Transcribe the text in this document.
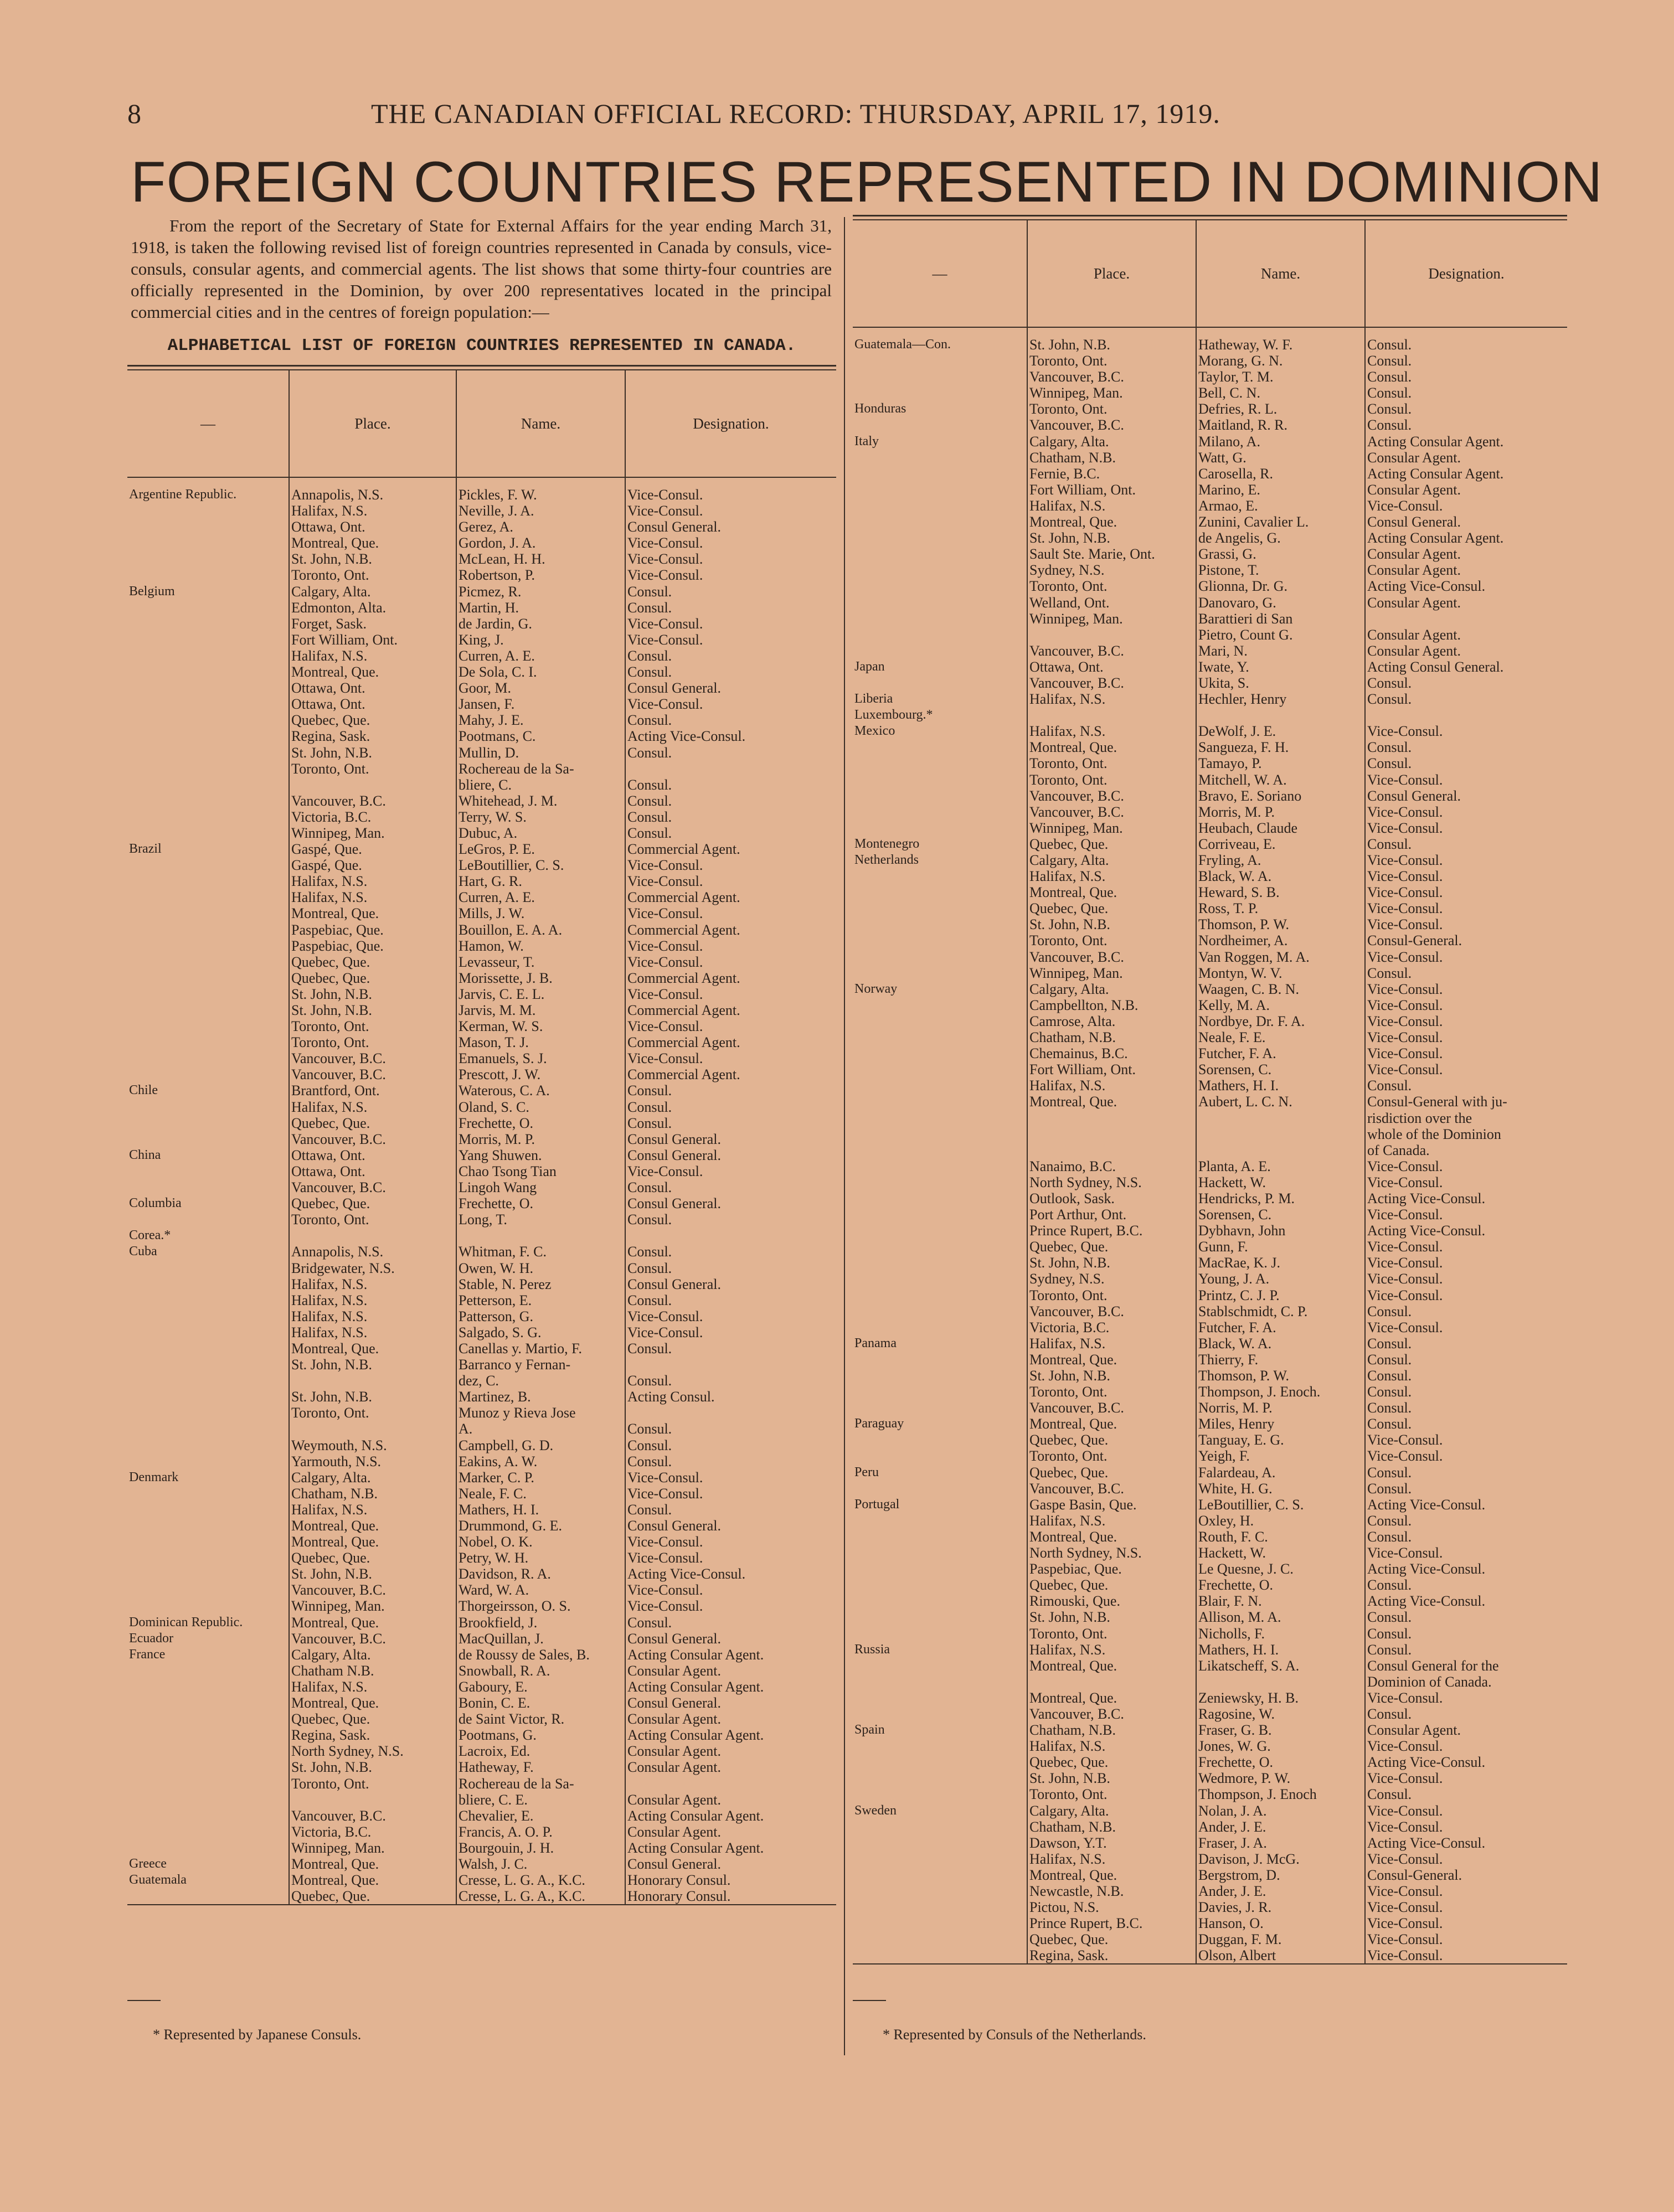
8	THE CANADIAN OFFICIAL RECORD: THURSDAY, APRIL 17, 1919.
FOREIGN COUNTRIES REPRESENTED IN DOMINION

From the report of the Secretary of State for External Affairs for the year ending March 31, 1918, is taken the following revised list of foreign countries represented in Canada by consuls, vice-consuls, consular agents, and commercial agents. The list shows that some thirty-four countries are officially represented in the Dominion, by over 200 representatives located in the principal commercial cities and in the centres of foreign population:—

ALPHABETICAL LIST OF FOREIGN COUNTRIES REPRESENTED IN CANADA.
—	Place.	Name.	Designation.
Argentine Republic.	Annapolis, N.S.	Pickles, F. W.	Vice-Consul.
	Halifax, N.S.	Neville, J. A.	Vice-Consul.
	Ottawa, Ont.	Gerez, A.	Consul General.
	Montreal, Que.	Gordon, J. A.	Vice-Consul.
	St. John, N.B.	McLean, H. H.	Vice-Consul.
	Toronto, Ont.	Robertson, P.	Vice-Consul.
Belgium	Calgary, Alta.	Picmez, R.	Consul.
	Edmonton, Alta.	Martin, H.	Consul.
	Forget, Sask.	de Jardin, G.	Vice-Consul.
	Fort William, Ont.	King, J.	Vice-Consul.
	Halifax, N.S.	Curren, A. E.	Consul.
	Montreal, Que.	De Sola, C. I.	Consul.
	Ottawa, Ont.	Goor, M.	Consul General.
	Ottawa, Ont.	Jansen, F.	Vice-Consul.
	Quebec, Que.	Mahy, J. E.	Consul.
	Regina, Sask.	Pootmans, C.	Acting Vice-Consul.
	St. John, N.B.	Mullin, D.	Consul.
	Toronto, Ont.	Rochereau de la Sa-	
		bliere, C.	Consul.
	Vancouver, B.C.	Whitehead, J. M.	Consul.
	Victoria, B.C.	Terry, W. S.	Consul.
	Winnipeg, Man.	Dubuc, A.	Consul.
Brazil	Gaspé, Que.	LeGros, P. E.	Commercial Agent.
	Gaspé, Que.	LeBoutillier, C. S.	Vice-Consul.
	Halifax, N.S.	Hart, G. R.	Vice-Consul.
	Halifax, N.S.	Curren, A. E.	Commercial Agent.
	Montreal, Que.	Mills, J. W.	Vice-Consul.
	Paspebiac, Que.	Bouillon, E. A. A.	Commercial Agent.
	Paspebiac, Que.	Hamon, W.	Vice-Consul.
	Quebec, Que.	Levasseur, T.	Vice-Consul.
	Quebec, Que.	Morissette, J. B.	Commercial Agent.
	St. John, N.B.	Jarvis, C. E. L.	Vice-Consul.
	St. John, N.B.	Jarvis, M. M.	Commercial Agent.
	Toronto, Ont.	Kerman, W. S.	Vice-Consul.
	Toronto, Ont.	Mason, T. J.	Commercial Agent.
	Vancouver, B.C.	Emanuels, S. J.	Vice-Consul.
	Vancouver, B.C.	Prescott, J. W.	Commercial Agent.
Chile	Brantford, Ont.	Waterous, C. A.	Consul.
	Halifax, N.S.	Oland, S. C.	Consul.
	Quebec, Que.	Frechette, O.	Consul.
	Vancouver, B.C.	Morris, M. P.	Consul General.
China	Ottawa, Ont.	Yang Shuwen.	Consul General.
	Ottawa, Ont.	Chao Tsong Tian	Vice-Consul.
	Vancouver, B.C.	Lingoh Wang	Consul.
Columbia	Quebec, Que.	Frechette, O.	Consul General.
	Toronto, Ont.	Long, T.	Consul.
Corea.*			
Cuba	Annapolis, N.S.	Whitman, F. C.	Consul.
	Bridgewater, N.S.	Owen, W. H.	Consul.
	Halifax, N.S.	Stable, N. Perez	Consul General.
	Halifax, N.S.	Petterson, E.	Consul.
	Halifax, N.S.	Patterson, G.	Vice-Consul.
	Halifax, N.S.	Salgado, S. G.	Vice-Consul.
	Montreal, Que.	Canellas y. Martio, F.	Consul.
	St. John, N.B.	Barranco y Fernan-	
		dez, C.	Consul.
	St. John, N.B.	Martinez, B.	Acting Consul.
	Toronto, Ont.	Munoz y Rieva Jose	
		A.	Consul.
	Weymouth, N.S.	Campbell, G. D.	Consul.
	Yarmouth, N.S.	Eakins, A. W.	Consul.
Denmark	Calgary, Alta.	Marker, C. P.	Vice-Consul.
	Chatham, N.B.	Neale, F. C.	Vice-Consul.
	Halifax, N.S.	Mathers, H. I.	Consul.
	Montreal, Que.	Drummond, G. E.	Consul General.
	Montreal, Que.	Nobel, O. K.	Vice-Consul.
	Quebec, Que.	Petry, W. H.	Vice-Consul.
	St. John, N.B.	Davidson, R. A.	Acting Vice-Consul.
	Vancouver, B.C.	Ward, W. A.	Vice-Consul.
	Winnipeg, Man.	Thorgeirsson, O. S.	Vice-Consul.
Dominican Republic.	Montreal, Que.	Brookfield, J.	Consul.
Ecuador	Vancouver, B.C.	MacQuillan, J.	Consul General.
France	Calgary, Alta.	de Roussy de Sales, B.	Acting Consular Agent.
	Chatham N.B.	Snowball, R. A.	Consular Agent.
	Halifax, N.S.	Gaboury, E.	Acting Consular Agent.
	Montreal, Que.	Bonin, C. E.	Consul General.
	Quebec, Que.	de Saint Victor, R.	Consular Agent.
	Regina, Sask.	Pootmans, G.	Acting Consular Agent.
	North Sydney, N.S.	Lacroix, Ed.	Consular Agent.
	St. John, N.B.	Hatheway, F.	Consular Agent.
	Toronto, Ont.	Rochereau de la Sa-	
		bliere, C. E.	Consular Agent.
	Vancouver, B.C.	Chevalier, E.	Acting Consular Agent.
	Victoria, B.C.	Francis, A. O. P.	Consular Agent.
	Winnipeg, Man.	Bourgouin, J. H.	Acting Consular Agent.
Greece	Montreal, Que.	Walsh, J. C.	Consul General.
Guatemala	Montreal, Que.	Cresse, L. G. A., K.C.	Honorary Consul.
	Quebec, Que.	Cresse, L. G. A., K.C.	Honorary Consul.
—	Place.	Name.	Designation.
Guatemala—Con.	St. John, N.B.	Hatheway, W. F.	Consul.
	Toronto, Ont.	Morang, G. N.	Consul.
	Vancouver, B.C.	Taylor, T. M.	Consul.
	Winnipeg, Man.	Bell, C. N.	Consul.
Honduras	Toronto, Ont.	Defries, R. L.	Consul.
	Vancouver, B.C.	Maitland, R. R.	Consul.
Italy	Calgary, Alta.	Milano, A.	Acting Consular Agent.
	Chatham, N.B.	Watt, G.	Consular Agent.
	Fernie, B.C.	Carosella, R.	Acting Consular Agent.
	Fort William, Ont.	Marino, E.	Consular Agent.
	Halifax, N.S.	Armao, E.	Vice-Consul.
	Montreal, Que.	Zunini, Cavalier L.	Consul General.
	St. John, N.B.	de Angelis, G.	Acting Consular Agent.
	Sault Ste. Marie, Ont.	Grassi, G.	Consular Agent.
	Sydney, N.S.	Pistone, T.	Consular Agent.
	Toronto, Ont.	Glionna, Dr. G.	Acting Vice-Consul.
	Welland, Ont.	Danovaro, G.	Consular Agent.
	Winnipeg, Man.	Barattieri di San	
		Pietro, Count G.	Consular Agent.
	Vancouver, B.C.	Mari, N.	Consular Agent.
Japan	Ottawa, Ont.	Iwate, Y.	Acting Consul General.
	Vancouver, B.C.	Ukita, S.	Consul.
Liberia	Halifax, N.S.	Hechler, Henry	Consul.
Luxembourg.*			
Mexico	Halifax, N.S.	DeWolf, J. E.	Vice-Consul.
	Montreal, Que.	Sangueza, F. H.	Consul.
	Toronto, Ont.	Tamayo, P.	Consul.
	Toronto, Ont.	Mitchell, W. A.	Vice-Consul.
	Vancouver, B.C.	Bravo, E. Soriano	Consul General.
	Vancouver, B.C.	Morris, M. P.	Vice-Consul.
	Winnipeg, Man.	Heubach, Claude	Vice-Consul.
Montenegro	Quebec, Que.	Corriveau, E.	Consul.
Netherlands	Calgary, Alta.	Fryling, A.	Vice-Consul.
	Halifax, N.S.	Black, W. A.	Vice-Consul.
	Montreal, Que.	Heward, S. B.	Vice-Consul.
	Quebec, Que.	Ross, T. P.	Vice-Consul.
	St. John, N.B.	Thomson, P. W.	Vice-Consul.
	Toronto, Ont.	Nordheimer, A.	Consul-General.
	Vancouver, B.C.	Van Roggen, M. A.	Vice-Consul.
	Winnipeg, Man.	Montyn, W. V.	Consul.
Norway	Calgary, Alta.	Waagen, C. B. N.	Vice-Consul.
	Campbellton, N.B.	Kelly, M. A.	Vice-Consul.
	Camrose, Alta.	Nordbye, Dr. F. A.	Vice-Consul.
	Chatham, N.B.	Neale, F. E.	Vice-Consul.
	Chemainus, B.C.	Futcher, F. A.	Vice-Consul.
	Fort William, Ont.	Sorensen, C.	Vice-Consul.
	Halifax, N.S.	Mathers, H. I.	Consul.
	Montreal, Que.	Aubert, L. C. N.	Consul-General with ju-
			risdiction over the
			whole of the Dominion
			of Canada.
	Nanaimo, B.C.	Planta, A. E.	Vice-Consul.
	North Sydney, N.S.	Hackett, W.	Vice-Consul.
	Outlook, Sask.	Hendricks, P. M.	Acting Vice-Consul.
	Port Arthur, Ont.	Sorensen, C.	Vice-Consul.
	Prince Rupert, B.C.	Dybhavn, John	Acting Vice-Consul.
	Quebec, Que.	Gunn, F.	Vice-Consul.
	St. John, N.B.	MacRae, K. J.	Vice-Consul.
	Sydney, N.S.	Young, J. A.	Vice-Consul.
	Toronto, Ont.	Printz, C. J. P.	Vice-Consul.
	Vancouver, B.C.	Stablschmidt, C. P.	Consul.
	Victoria, B.C.	Futcher, F. A.	Vice-Consul.
Panama	Halifax, N.S.	Black, W. A.	Consul.
	Montreal, Que.	Thierry, F.	Consul.
	St. John, N.B.	Thomson, P. W.	Consul.
	Toronto, Ont.	Thompson, J. Enoch.	Consul.
	Vancouver, B.C.	Norris, M. P.	Consul.
Paraguay	Montreal, Que.	Miles, Henry	Consul.
	Quebec, Que.	Tanguay, E. G.	Vice-Consul.
	Toronto, Ont.	Yeigh, F.	Vice-Consul.
Peru	Quebec, Que.	Falardeau, A.	Consul.
	Vancouver, B.C.	White, H. G.	Consul.
Portugal	Gaspe Basin, Que.	LeBoutillier, C. S.	Acting Vice-Consul.
	Halifax, N.S.	Oxley, H.	Consul.
	Montreal, Que.	Routh, F. C.	Consul.
	North Sydney, N.S.	Hackett, W.	Vice-Consul.
	Paspebiac, Que.	Le Quesne, J. C.	Acting Vice-Consul.
	Quebec, Que.	Frechette, O.	Consul.
	Rimouski, Que.	Blair, F. N.	Acting Vice-Consul.
	St. John, N.B.	Allison, M. A.	Consul.
	Toronto, Ont.	Nicholls, F.	Consul.
Russia	Halifax, N.S.	Mathers, H. I.	Consul.
	Montreal, Que.	Likatscheff, S. A.	Consul General for the
			Dominion of Canada.
	Montreal, Que.	Zeniewsky, H. B.	Vice-Consul.
	Vancouver, B.C.	Ragosine, W.	Consul.
Spain	Chatham, N.B.	Fraser, G. B.	Consular Agent.
	Halifax, N.S.	Jones, W. G.	Vice-Consul.
	Quebec, Que.	Frechette, O.	Acting Vice-Consul.
	St. John, N.B.	Wedmore, P. W.	Vice-Consul.
	Toronto, Ont.	Thompson, J. Enoch	Consul.
Sweden	Calgary, Alta.	Nolan, J. A.	Vice-Consul.
	Chatham, N.B.	Ander, J. E.	Vice-Consul.
	Dawson, Y.T.	Fraser, J. A.	Acting Vice-Consul.
	Halifax, N.S.	Davison, J. McG.	Vice-Consul.
	Montreal, Que.	Bergstrom, D.	Consul-General.
	Newcastle, N.B.	Ander, J. E.	Vice-Consul.
	Pictou, N.S.	Davies, J. R.	Vice-Consul.
	Prince Rupert, B.C.	Hanson, O.	Vice-Consul.
	Quebec, Que.	Duggan, F. M.	Vice-Consul.
	Regina, Sask.	Olson, Albert	Vice-Consul.
* Represented by Japanese Consuls.	* Represented by Consuls of the Netherlands.
